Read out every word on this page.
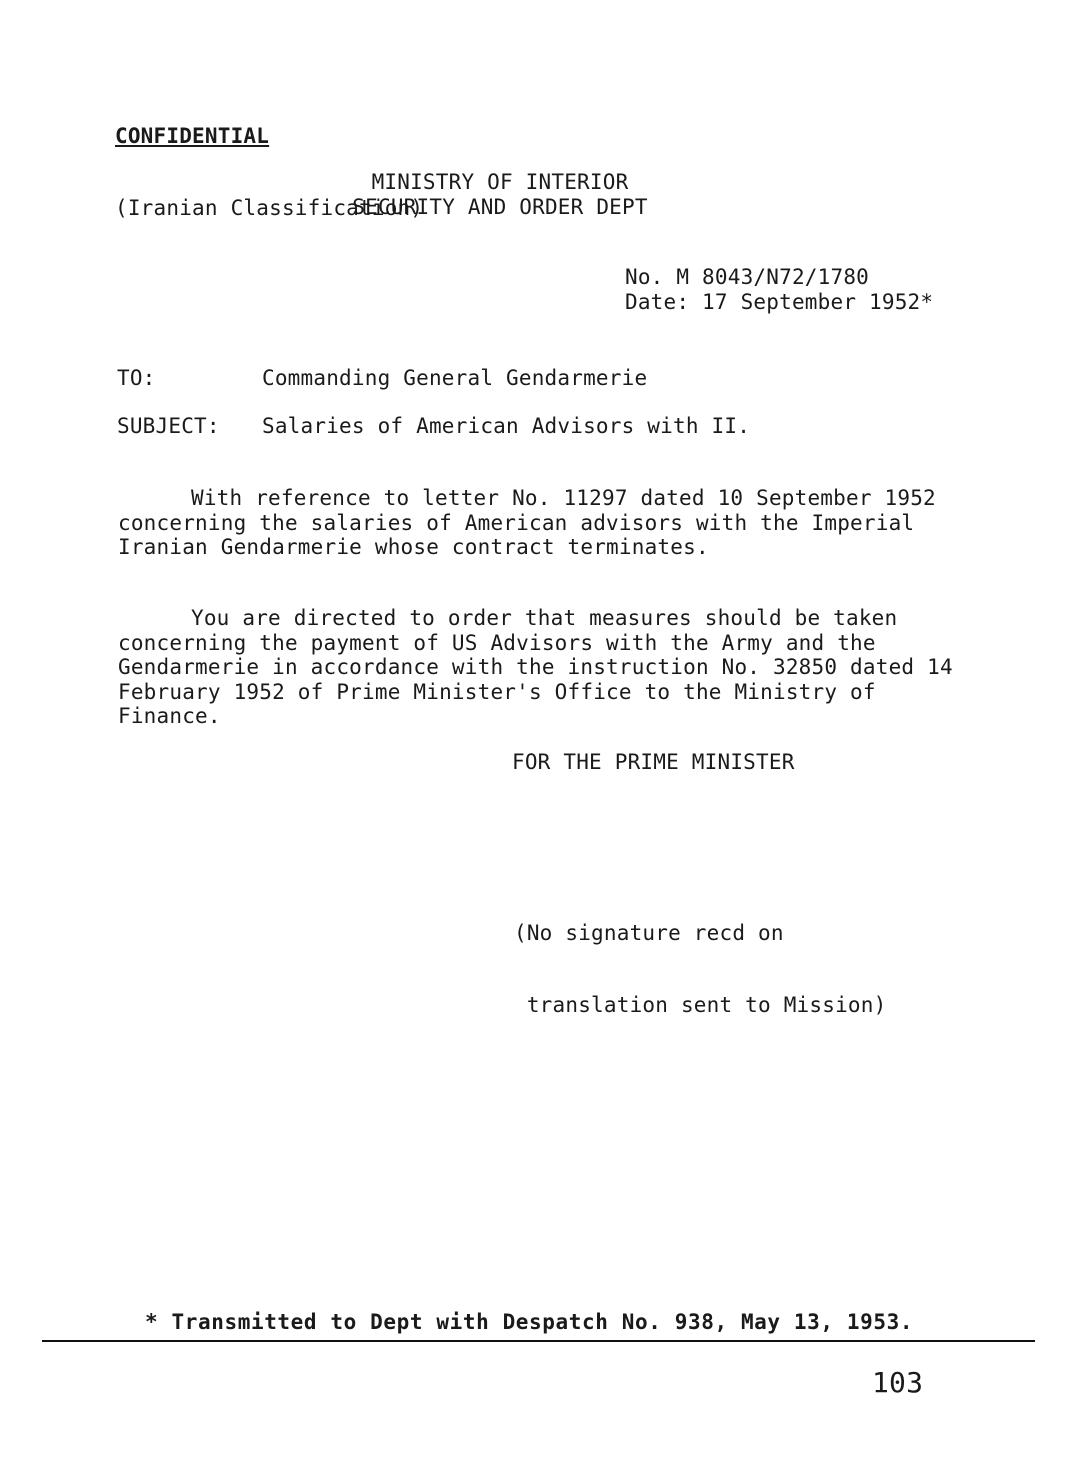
CONFIDENTIAL

(Iranian Classification)

MINISTRY OF INTERIOR
SECURITY AND ORDER DEPT
No. M 8043/N72/1780
Date: 17 September 1952*
TO:	Commanding General Gendarmerie
SUBJECT: Salaries of American Advisors with II.

With reference to letter No. 11297 dated 10 September 1952 concerning the salaries of American advisors with the Imperial Iranian Gendarmerie whose contract terminates.

You are directed to order that measures should be taken concerning the payment of US Advisors with the Army and the Gendarmerie in accordance with the instruction No. 32850 dated 14 February 1952 of Prime Minister's Office to the Ministry of Finance.

FOR THE PRIME MINISTER

(No signature recd on

translation sent to Mission)

* Transmitted to Dept with Despatch No. 938, May 13, 1953.
103
